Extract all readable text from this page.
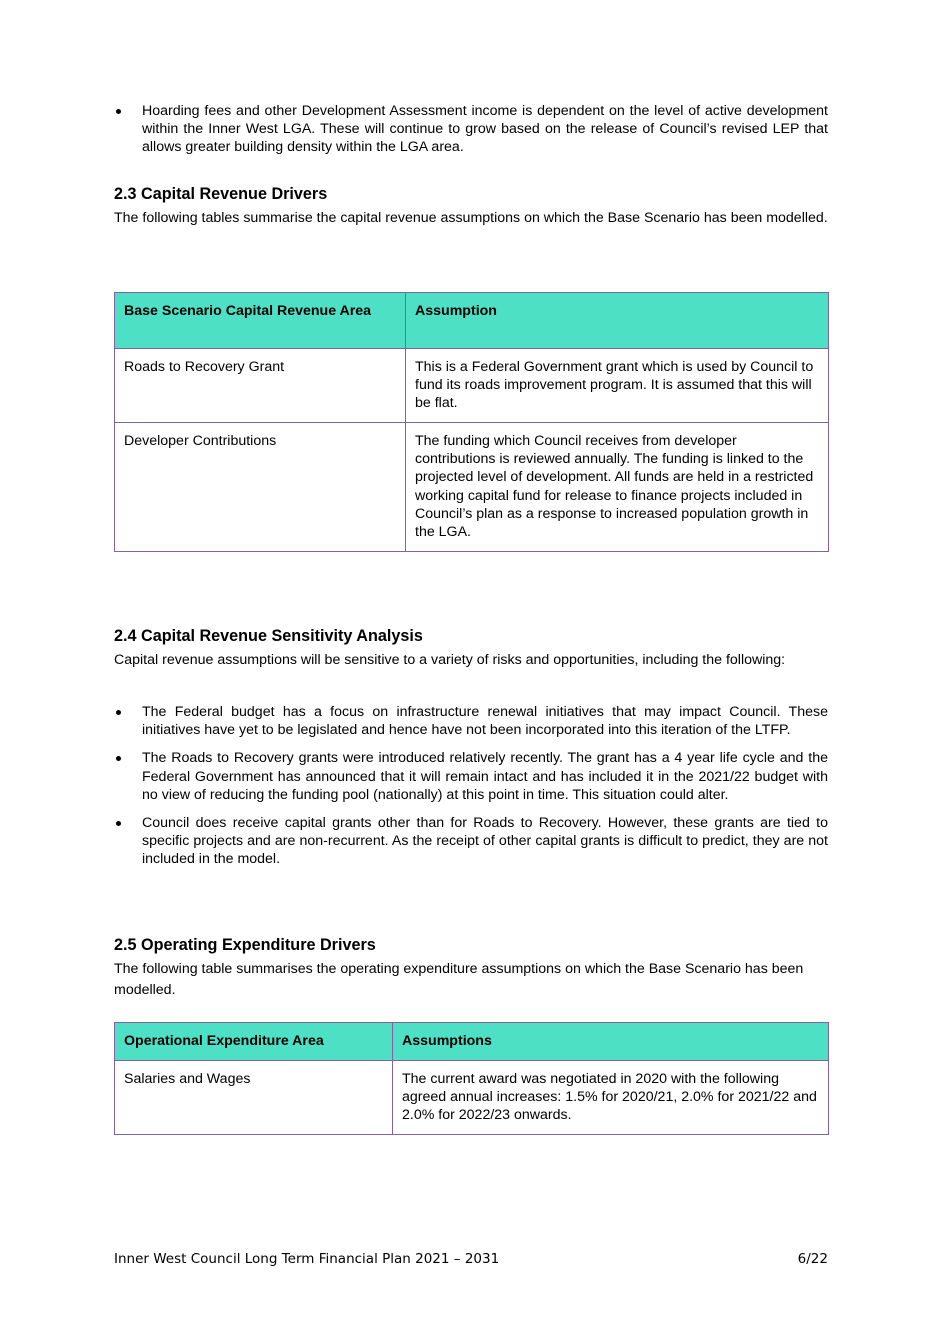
Hoarding fees and other Development Assessment income is dependent on the level of active development within the Inner West LGA. These will continue to grow based on the release of Council’s revised LEP that allows greater building density within the LGA area.
2.3 Capital Revenue Drivers

The following tables summarise the capital revenue assumptions on which the Base Scenario has been modelled.

Base Scenario Capital Revenue Area	Assumption
Roads to Recovery Grant	This is a Federal Government grant which is used by Council to fund its roads improvement program. It is assumed that this will be flat.
Developer Contributions	The funding which Council receives from developer contributions is reviewed annually. The funding is linked to the projected level of development. All funds are held in a restricted working capital fund for release to finance projects included in Council’s plan as a response to increased population growth in the LGA.
2.4 Capital Revenue Sensitivity Analysis

Capital revenue assumptions will be sensitive to a variety of risks and opportunities, including the following:

The Federal budget has a focus on infrastructure renewal initiatives that may impact Council. These initiatives have yet to be legislated and hence have not been incorporated into this iteration of the LTFP.
The Roads to Recovery grants were introduced relatively recently. The grant has a 4 year life cycle and the Federal Government has announced that it will remain intact and has included it in the 2021/22 budget with no view of reducing the funding pool (nationally) at this point in time. This situation could alter.
Council does receive capital grants other than for Roads to Recovery. However, these grants are tied to specific projects and are non-recurrent. As the receipt of other capital grants is difficult to predict, they are not included in the model.
2.5 Operating Expenditure Drivers

The following table summarises the operating expenditure assumptions on which the Base Scenario has been modelled.

Operational Expenditure Area	Assumptions
Salaries and Wages	The current award was negotiated in 2020 with the following agreed annual increases: 1.5% for 2020/21, 2.0% for 2021/22 and 2.0% for 2022/23 onwards.
Inner West Council Long Term Financial Plan 2021 – 2031	6/22
